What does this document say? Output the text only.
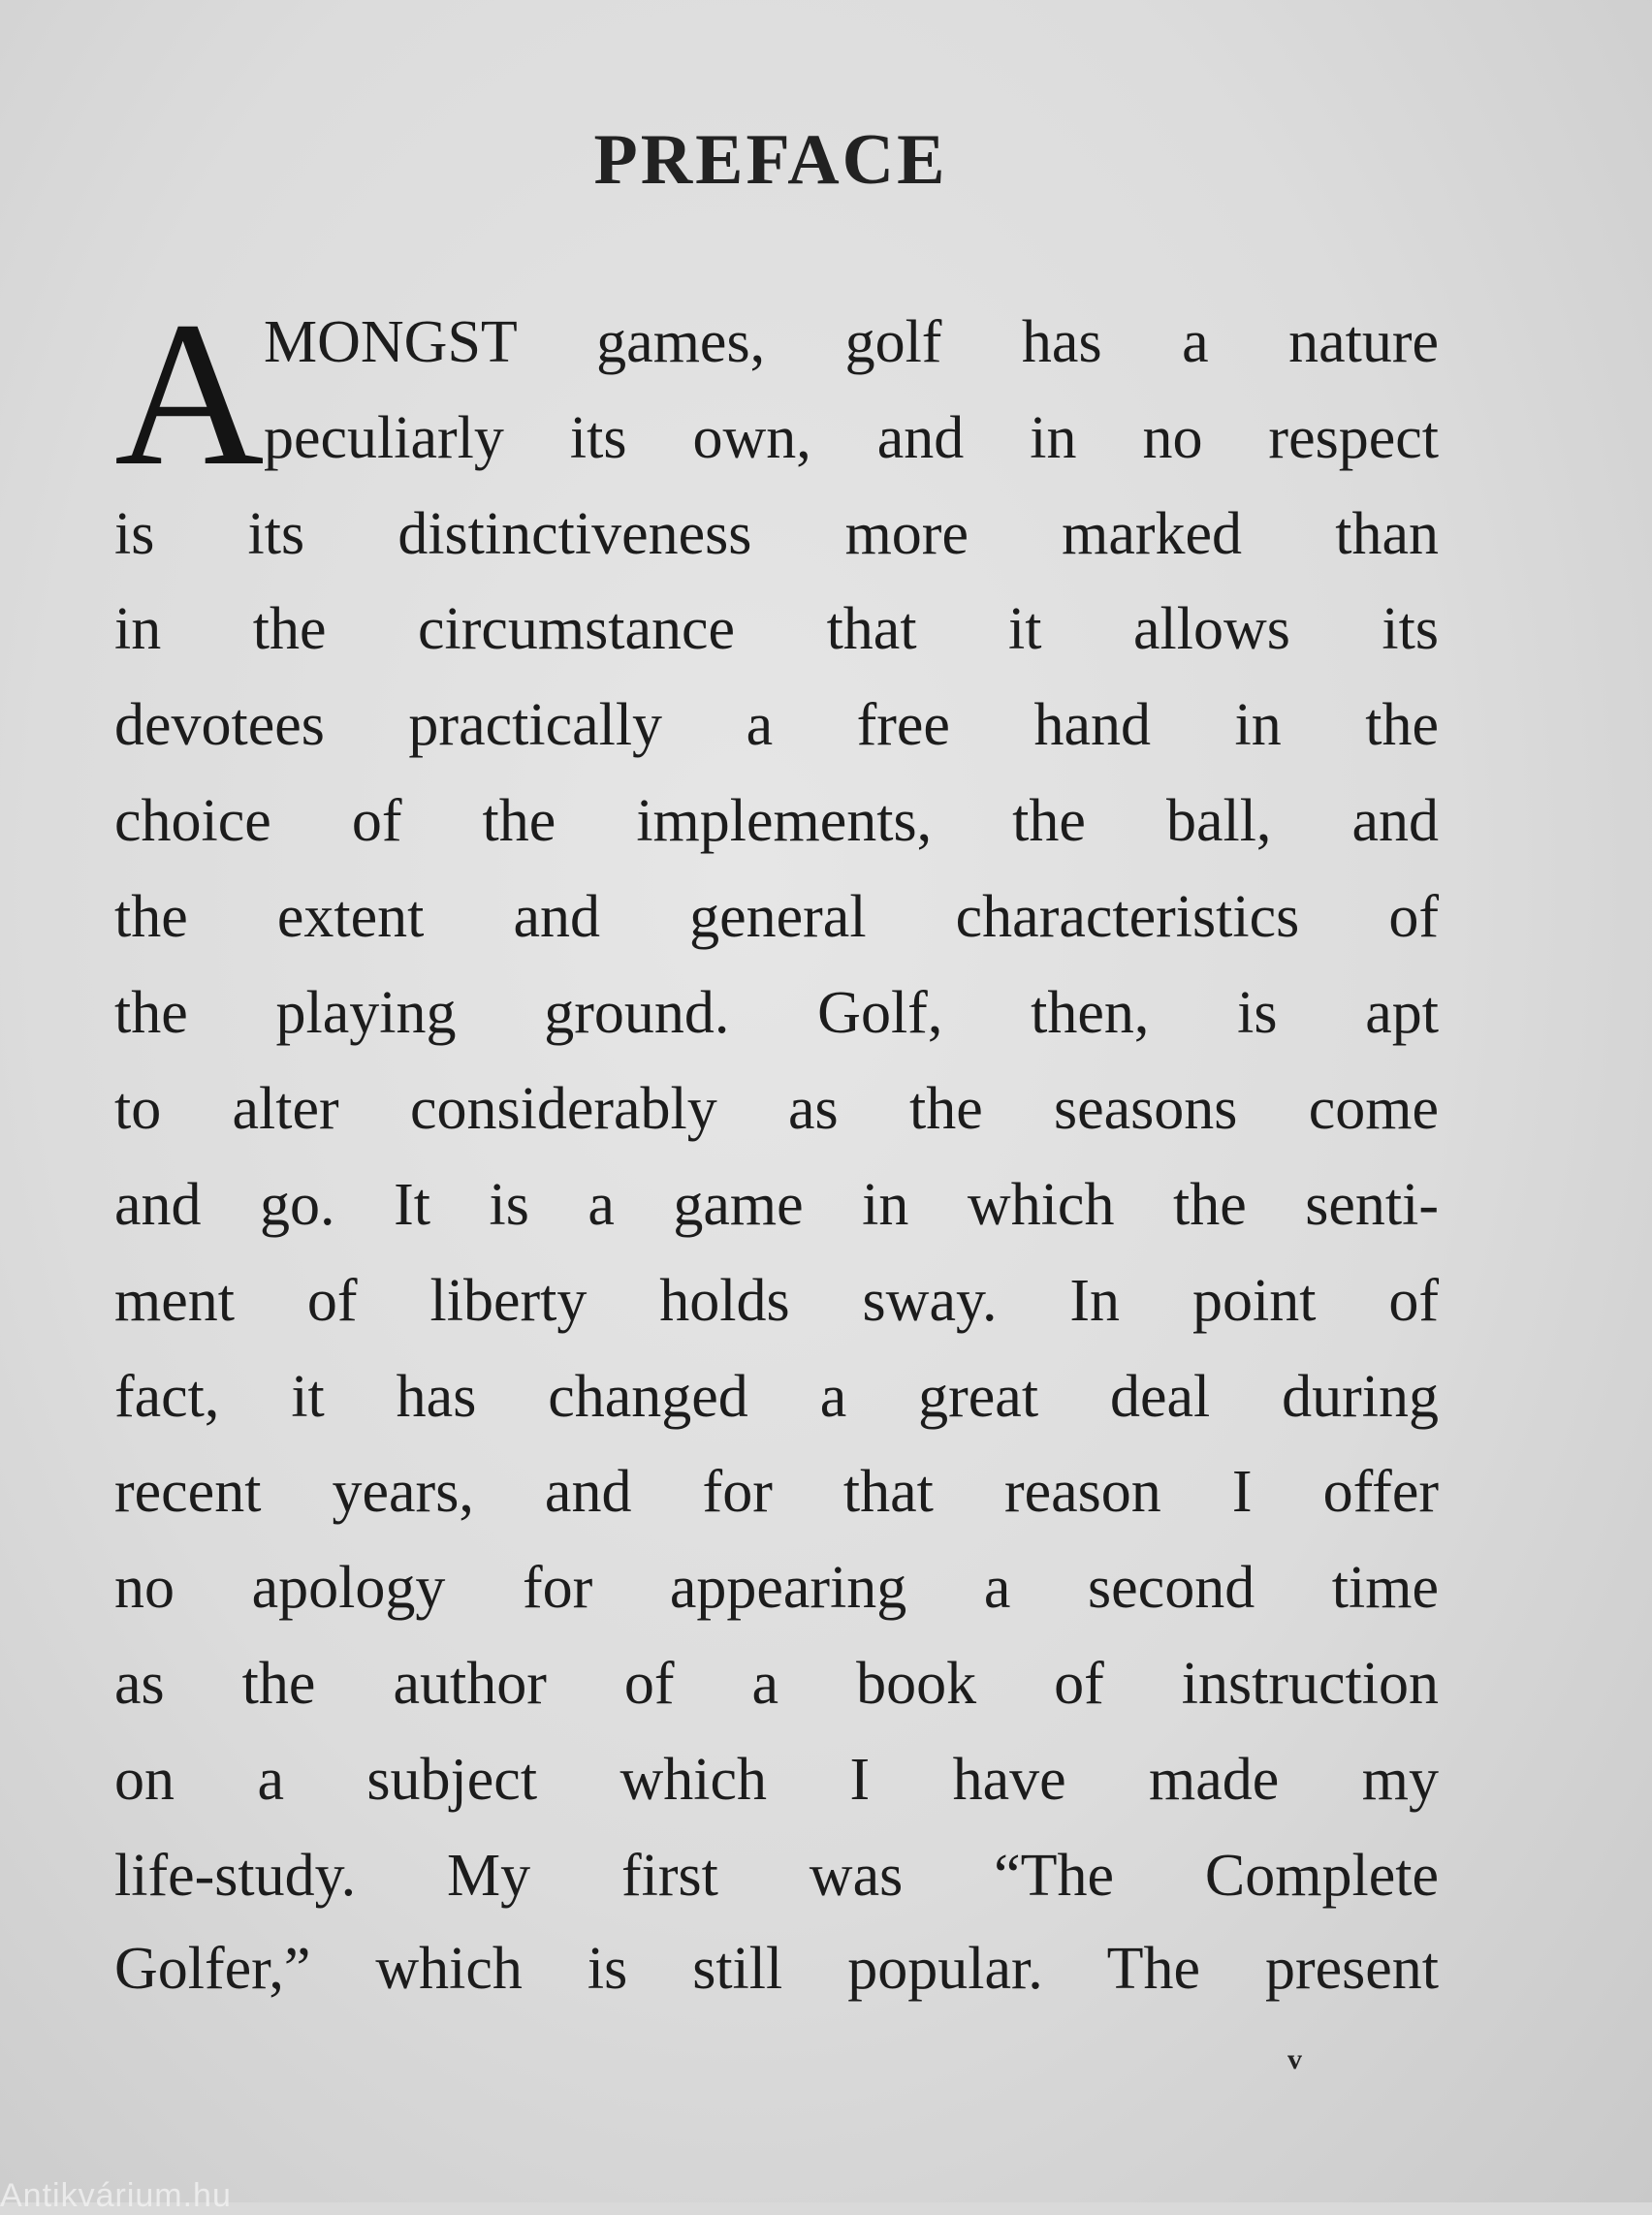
PREFACE
A MONGST games, golf has a nature
peculiarly its own, and in no respect
is its distinctiveness more marked than
in the circumstance that it allows its
devotees practically a free hand in the
choice of the implements, the ball, and
the extent and general characteristics of
the playing ground. Golf, then, is apt
to alter considerably as the seasons come
and go. It is a game in which the senti-
ment of liberty holds sway. In point of
fact, it has changed a great deal during
recent years, and for that reason I offer
no apology for appearing a second time
as the author of a book of instruction
on a subject which I have made my
life-study. My first was “The Complete
Golfer,” which is still popular. The present
v
Antikvárium.hu
